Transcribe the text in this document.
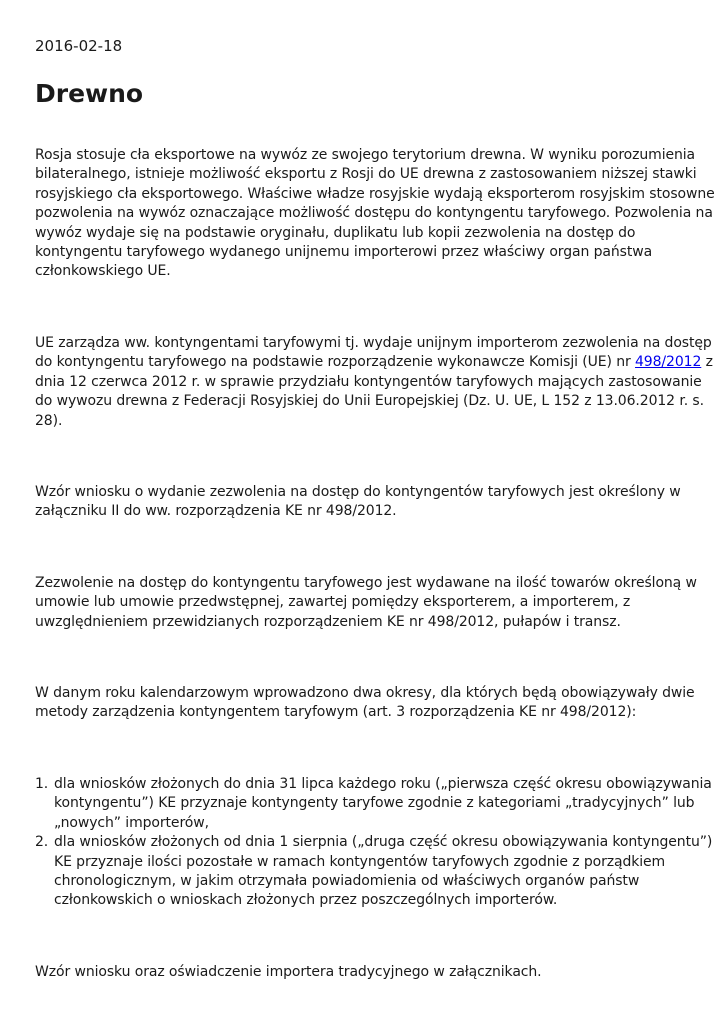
2016-02-18
Drewno

Rosja stosuje cła eksportowe na wywóz ze swojego terytorium drewna. W wyniku porozumienia
bilateralnego, istnieje możliwość eksportu z Rosji do UE drewna z zastosowaniem niższej stawki
rosyjskiego cła eksportowego. Właściwe władze rosyjskie wydają eksporterom rosyjskim stosowne
pozwolenia na wywóz oznaczające możliwość dostępu do kontyngentu taryfowego. Pozwolenia na
wywóz wydaje się na podstawie oryginału, duplikatu lub kopii zezwolenia na dostęp do
kontyngentu taryfowego wydanego unijnemu importerowi przez właściwy organ państwa
członkowskiego UE.

UE zarządza ww. kontyngentami taryfowymi tj. wydaje unijnym importerom zezwolenia na dostęp
do kontyngentu taryfowego na podstawie rozporządzenie wykonawcze Komisji (UE) nr 498/2012 z
dnia 12 czerwca 2012 r. w sprawie przydziału kontyngentów taryfowych mających zastosowanie
do wywozu drewna z Federacji Rosyjskiej do Unii Europejskiej (Dz. U. UE, L 152 z 13.06.2012 r. s.
28).

Wzór wniosku o wydanie zezwolenia na dostęp do kontyngentów taryfowych jest określony w
załączniku II do ww. rozporządzenia KE nr 498/2012.

Zezwolenie na dostęp do kontyngentu taryfowego jest wydawane na ilość towarów określoną w
umowie lub umowie przedwstępnej, zawartej pomiędzy eksporterem, a importerem, z
uwzględnieniem przewidzianych rozporządzeniem KE nr 498/2012, pułapów i transz.

W danym roku kalendarzowym wprowadzono dwa okresy, dla których będą obowiązywały dwie
metody zarządzenia kontyngentem taryfowym (art. 3 rozporządzenia KE nr 498/2012):

1. dla wniosków złożonych do dnia 31 lipca każdego roku („pierwsza część okresu obowiązywania
kontyngentu”) KE przyznaje kontyngenty taryfowe zgodnie z kategoriami „tradycyjnych” lub
„nowych” importerów,
2. dla wniosków złożonych od dnia 1 sierpnia („druga część okresu obowiązywania kontyngentu”)
KE przyznaje ilości pozostałe w ramach kontyngentów taryfowych zgodnie z porządkiem
chronologicznym, w jakim otrzymała powiadomienia od właściwych organów państw
członkowskich o wnioskach złożonych przez poszczególnych importerów.

Wzór wniosku oraz oświadczenie importera tradycyjnego w załącznikach.
